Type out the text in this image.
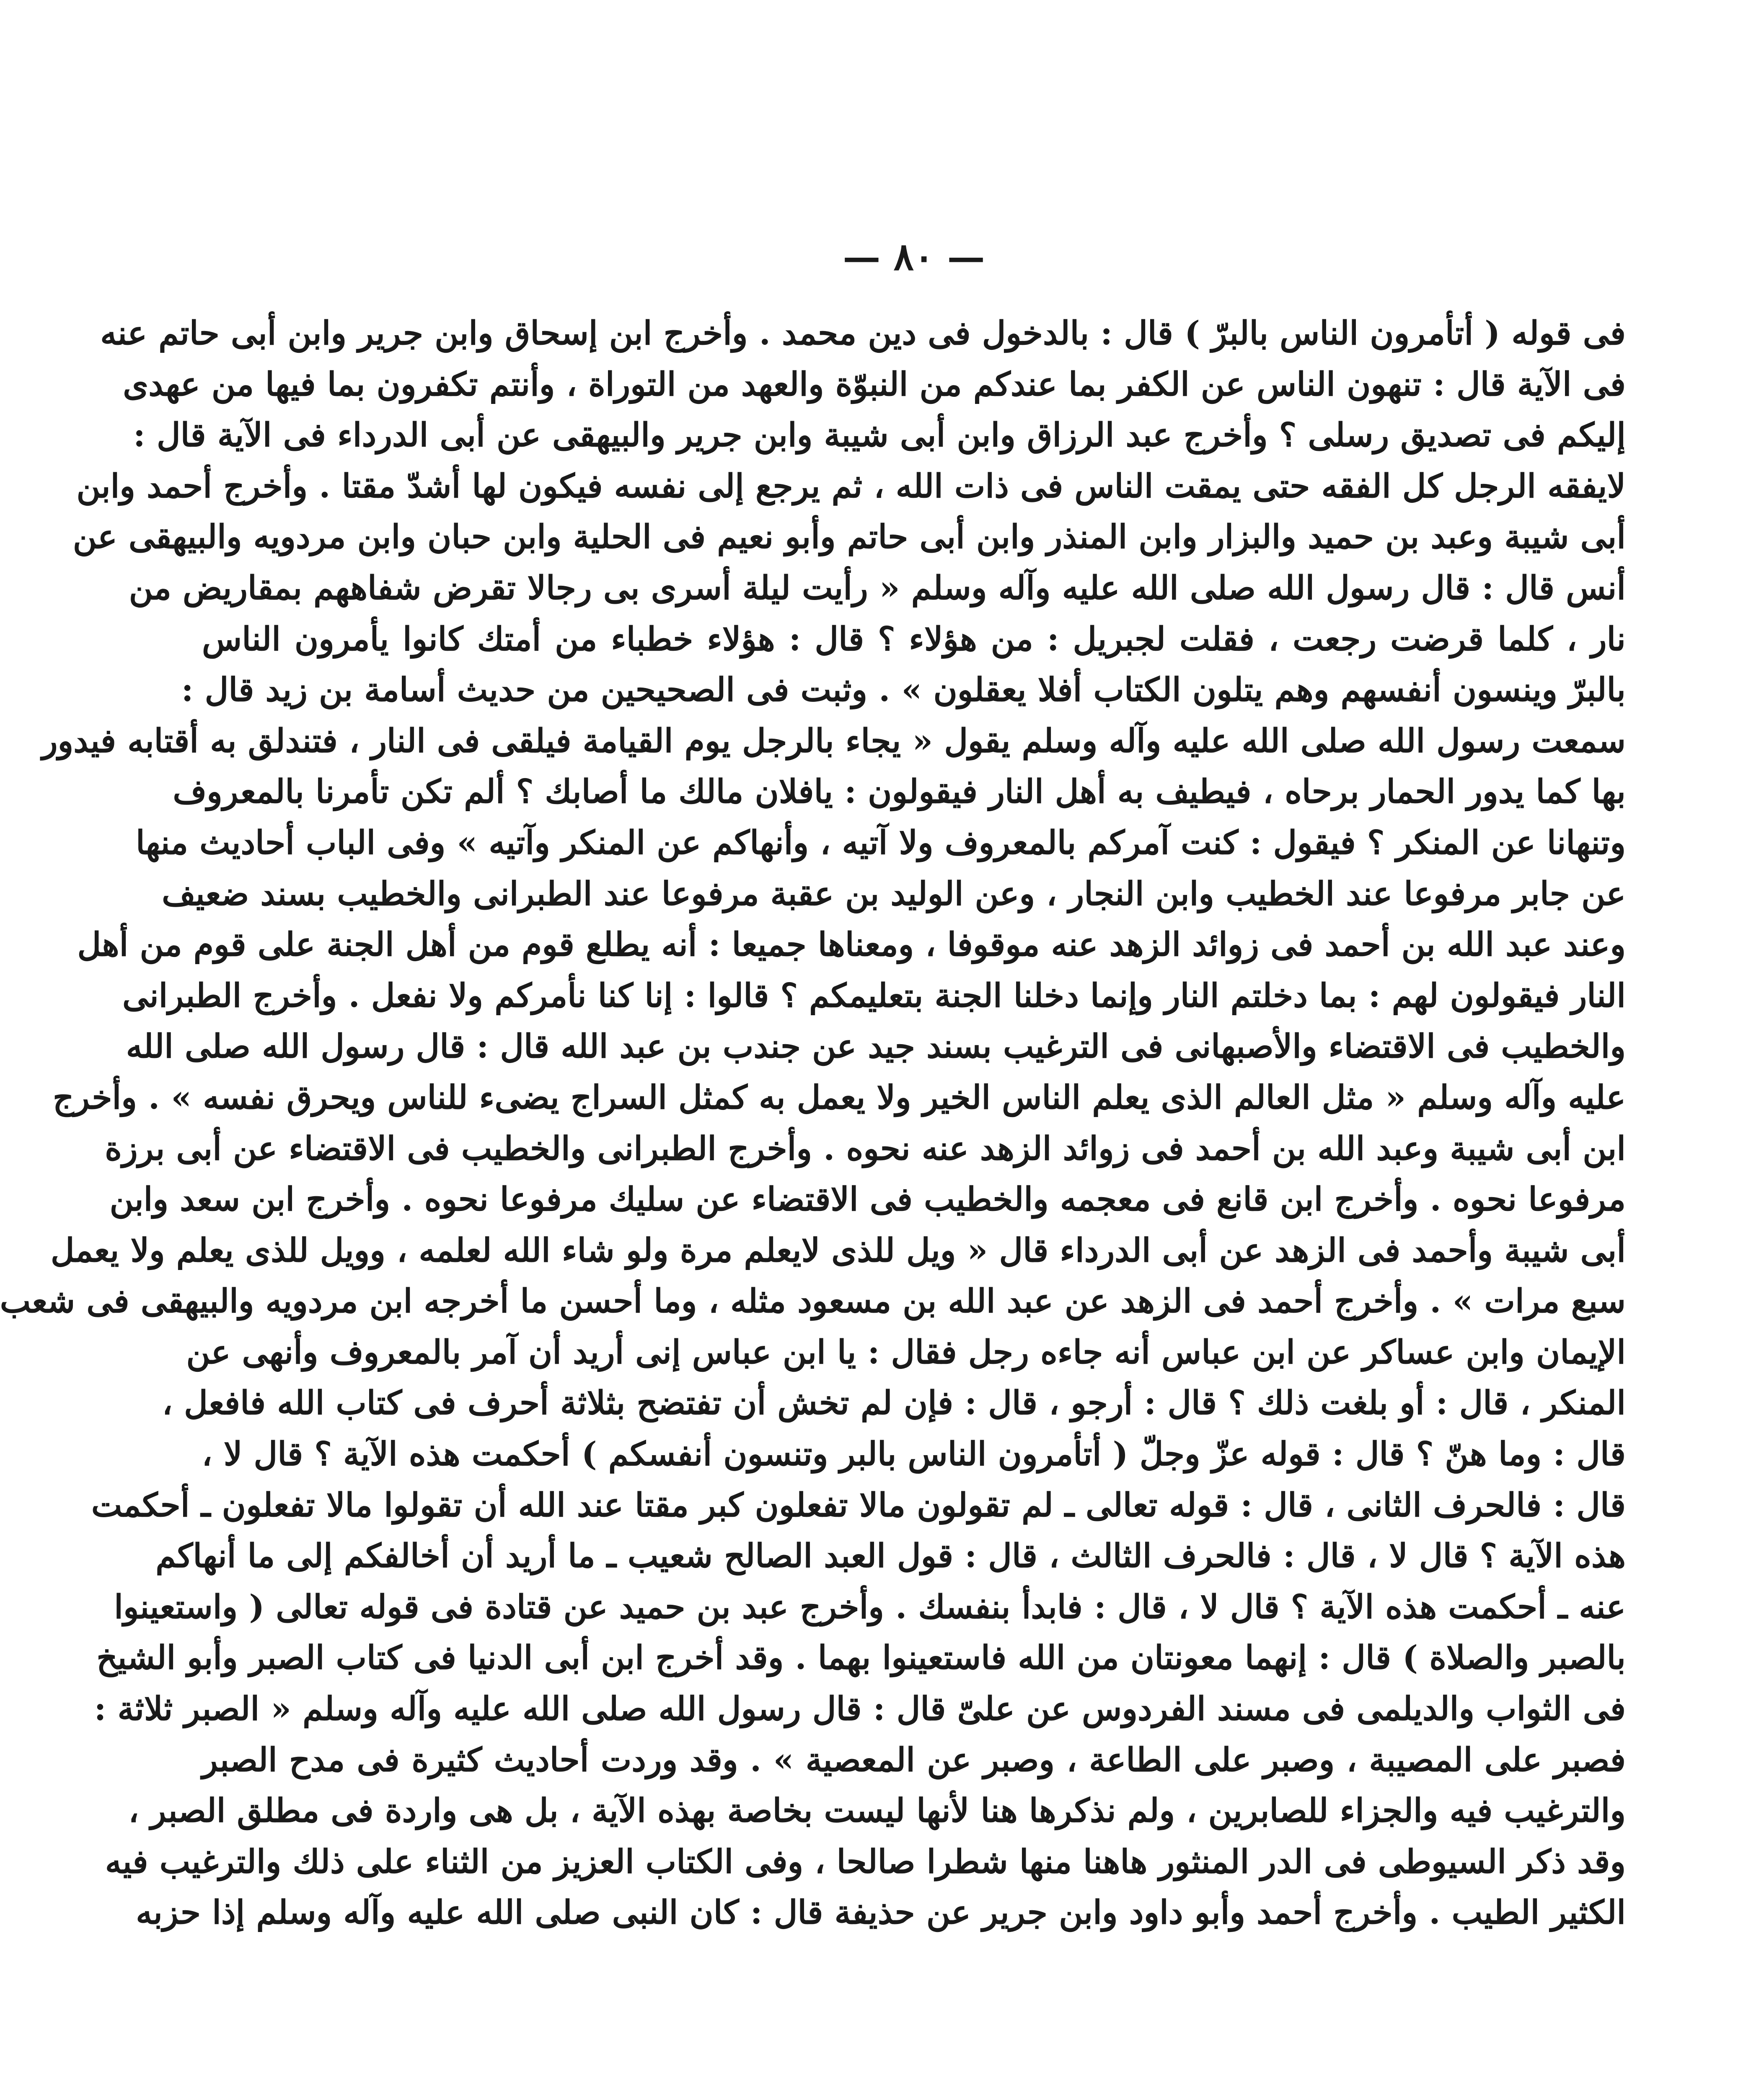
— ٨٠ —
فى قوله ( أتأمرون الناس بالبرّ ) قال : بالدخول فى دين محمد . وأخرج ابن إسحاق وابن جرير وابن أبى حاتم عنه
فى الآية قال : تنهون الناس عن الكفر بما عندكم من النبوّة والعهد من التوراة ، وأنتم تكفرون بما فيها من عهدى
إليكم فى تصديق رسلى ؟ وأخرج عبد الرزاق وابن أبى شيبة وابن جرير والبيهقى عن أبى الدرداء فى الآية قال :
لايفقه الرجل كل الفقه حتى يمقت الناس فى ذات الله ، ثم يرجع إلى نفسه فيكون لها أشدّ مقتا . وأخرج أحمد وابن
أبى شيبة وعبد بن حميد والبزار وابن المنذر وابن أبى حاتم وأبو نعيم فى الحلية وابن حبان وابن مردويه والبيهقى عن
أنس قال : قال رسول الله صلى الله عليه وآله وسلم « رأيت ليلة أسرى بى رجالا تقرض شفاههم بمقاريض من
نار ، كلما قرضت رجعت ، فقلت لجبريل : من هؤلاء ؟ قال : هؤلاء خطباء من أمتك كانوا يأمرون الناس
بالبرّ وينسون أنفسهم وهم يتلون الكتاب أفلا يعقلون » . وثبت فى الصحيحين من حديث أسامة بن زيد قال :
سمعت رسول الله صلى الله عليه وآله وسلم يقول « يجاء بالرجل يوم القيامة فيلقى فى النار ، فتندلق به أقتابه فيدور
بها كما يدور الحمار برحاه ، فيطيف به أهل النار فيقولون : يافلان مالك ما أصابك ؟ ألم تكن تأمرنا بالمعروف
وتنهانا عن المنكر ؟ فيقول : كنت آمركم بالمعروف ولا آتيه ، وأنهاكم عن المنكر وآتيه » وفى الباب أحاديث منها
عن جابر مرفوعا عند الخطيب وابن النجار ، وعن الوليد بن عقبة مرفوعا عند الطبرانى والخطيب بسند ضعيف
وعند عبد الله بن أحمد فى زوائد الزهد عنه موقوفا ، ومعناها جميعا : أنه يطلع قوم من أهل الجنة على قوم من أهل
النار فيقولون لهم : بما دخلتم النار وإنما دخلنا الجنة بتعليمكم ؟ قالوا : إنا كنا نأمركم ولا نفعل . وأخرج الطبرانى
والخطيب فى الاقتضاء والأصبهانى فى الترغيب بسند جيد عن جندب بن عبد الله قال : قال رسول الله صلى الله
عليه وآله وسلم « مثل العالم الذى يعلم الناس الخير ولا يعمل به كمثل السراج يضىء للناس ويحرق نفسه » . وأخرج
ابن أبى شيبة وعبد الله بن أحمد فى زوائد الزهد عنه نحوه . وأخرج الطبرانى والخطيب فى الاقتضاء عن أبى برزة
مرفوعا نحوه . وأخرج ابن قانع فى معجمه والخطيب فى الاقتضاء عن سليك مرفوعا نحوه . وأخرج ابن سعد وابن
أبى شيبة وأحمد فى الزهد عن أبى الدرداء قال « ويل للذى لايعلم مرة ولو شاء الله لعلمه ، وويل للذى يعلم ولا يعمل
سبع مرات » . وأخرج أحمد فى الزهد عن عبد الله بن مسعود مثله ، وما أحسن ما أخرجه ابن مردويه والبيهقى فى شعب
الإيمان وابن عساكر عن ابن عباس أنه جاءه رجل فقال : يا ابن عباس إنى أريد أن آمر بالمعروف وأنهى عن
المنكر ، قال : أو بلغت ذلك ؟ قال : أرجو ، قال : فإن لم تخش أن تفتضح بثلاثة أحرف فى كتاب الله فافعل ،
قال : وما هنّ ؟ قال : قوله عزّ وجلّ ( أتأمرون الناس بالبر وتنسون أنفسكم ) أحكمت هذه الآية ؟ قال لا ،
قال : فالحرف الثانى ، قال : قوله تعالى ـ لم تقولون مالا تفعلون كبر مقتا عند الله أن تقولوا مالا تفعلون ـ أحكمت
هذه الآية ؟ قال لا ، قال : فالحرف الثالث ، قال : قول العبد الصالح شعيب ـ ما أريد أن أخالفكم إلى ما أنهاكم
عنه ـ أحكمت هذه الآية ؟ قال لا ، قال : فابدأ بنفسك . وأخرج عبد بن حميد عن قتادة فى قوله تعالى ( واستعينوا
بالصبر والصلاة ) قال : إنهما معونتان من الله فاستعينوا بهما . وقد أخرج ابن أبى الدنيا فى كتاب الصبر وأبو الشيخ
فى الثواب والديلمى فى مسند الفردوس عن علىّ قال : قال رسول الله صلى الله عليه وآله وسلم « الصبر ثلاثة :
فصبر على المصيبة ، وصبر على الطاعة ، وصبر عن المعصية » . وقد وردت أحاديث كثيرة فى مدح الصبر
والترغيب فيه والجزاء للصابرين ، ولم نذكرها هنا لأنها ليست بخاصة بهذه الآية ، بل هى واردة فى مطلق الصبر ،
وقد ذكر السيوطى فى الدر المنثور هاهنا منها شطرا صالحا ، وفى الكتاب العزيز من الثناء على ذلك والترغيب فيه
الكثير الطيب . وأخرج أحمد وأبو داود وابن جرير عن حذيفة قال : كان النبى صلى الله عليه وآله وسلم إذا حزبه
